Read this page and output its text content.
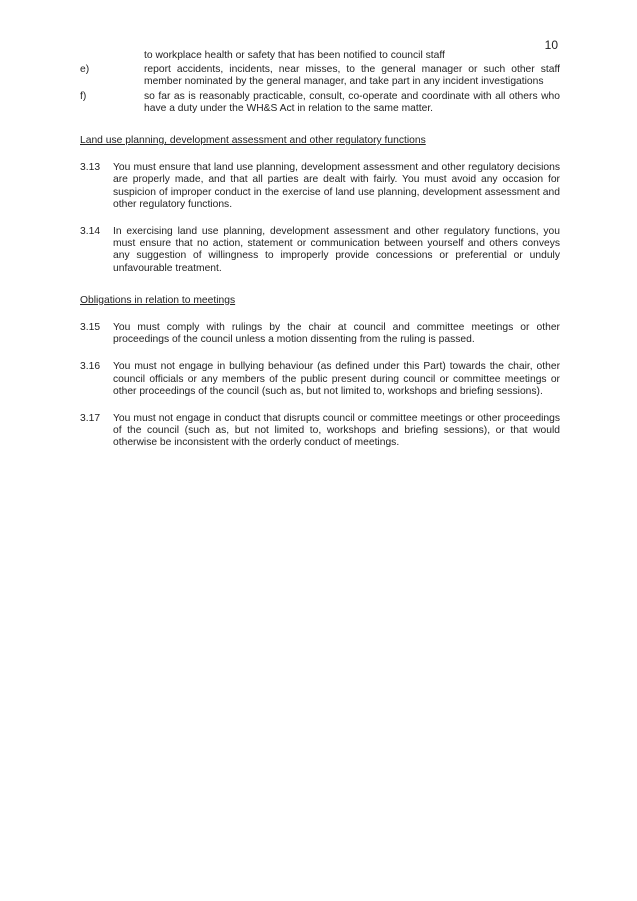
10
to workplace health or safety that has been notified to council staff
e)	report accidents, incidents, near misses, to the general manager or such other staff member nominated by the general manager, and take part in any incident investigations
f)	so far as is reasonably practicable, consult, co-operate and coordinate with all others who have a duty under the WH&S Act in relation to the same matter.
Land use planning, development assessment and other regulatory functions
3.13	You must ensure that land use planning, development assessment and other regulatory decisions are properly made, and that all parties are dealt with fairly. You must avoid any occasion for suspicion of improper conduct in the exercise of land use planning, development assessment and other regulatory functions.
3.14	In exercising land use planning, development assessment and other regulatory functions, you must ensure that no action, statement or communication between yourself and others conveys any suggestion of willingness to improperly provide concessions or preferential or unduly unfavourable treatment.
Obligations in relation to meetings
3.15	You must comply with rulings by the chair at council and committee meetings or other proceedings of the council unless a motion dissenting from the ruling is passed.
3.16	You must not engage in bullying behaviour (as defined under this Part) towards the chair, other council officials or any members of the public present during council or committee meetings or other proceedings of the council (such as, but not limited to, workshops and briefing sessions).
3.17	You must not engage in conduct that disrupts council or committee meetings or other proceedings of the council (such as, but not limited to, workshops and briefing sessions), or that would otherwise be inconsistent with the orderly conduct of meetings.
